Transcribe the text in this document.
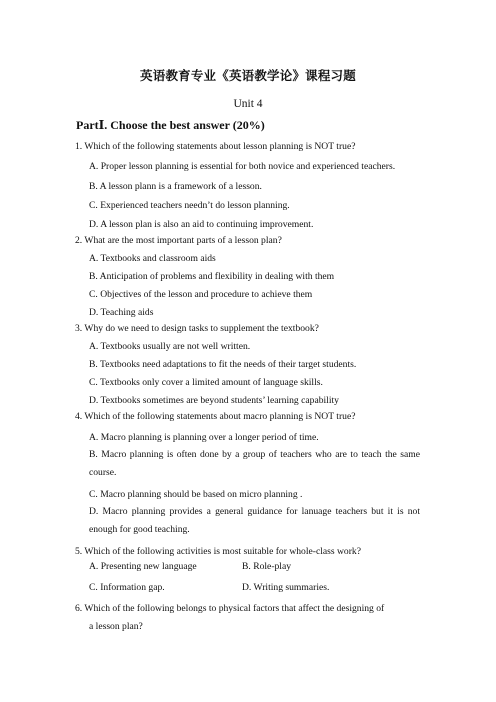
英语教育专业《英语教学论》课程习题
Unit 4
PartⅠ. Choose the best answer (20%)
1. Which of the following statements about lesson planning is NOT true?
A. Proper lesson planning is essential for both novice and experienced teachers.
B. A lesson plann is a framework of a lesson.
C. Experienced teachers needn’t do lesson planning.
D. A lesson plan is also an aid to continuing improvement.
2. What are the most important parts of a lesson plan?
A. Textbooks and classroom aids
B. Anticipation of problems and flexibility in dealing with them
C. Objectives of the lesson and procedure to achieve them
D. Teaching aids
3. Why do we need to design tasks to supplement the textbook?
A. Textbooks usually are not well written.
B. Textbooks need adaptations to fit the needs of their target students.
C. Textbooks only cover a limited amount of language skills.
D. Textbooks sometimes are beyond students’ learning capability
4. Which of the following statements about macro planning is NOT true?
A. Macro planning is planning over a longer period of time.
B. Macro planning is often done by a group of teachers who are to teach the same course.
C. Macro planning should be based on micro planning .
D. Macro planning provides a general guidance for lanuage teachers but it is not enough for good teaching.
5. Which of the following activities is most suitable for whole-class work?
A. Presenting new language	B. Role-play
C. Information gap.	D. Writing summaries.
6. Which of the following belongs to physical factors that affect the designing of
a lesson plan?
